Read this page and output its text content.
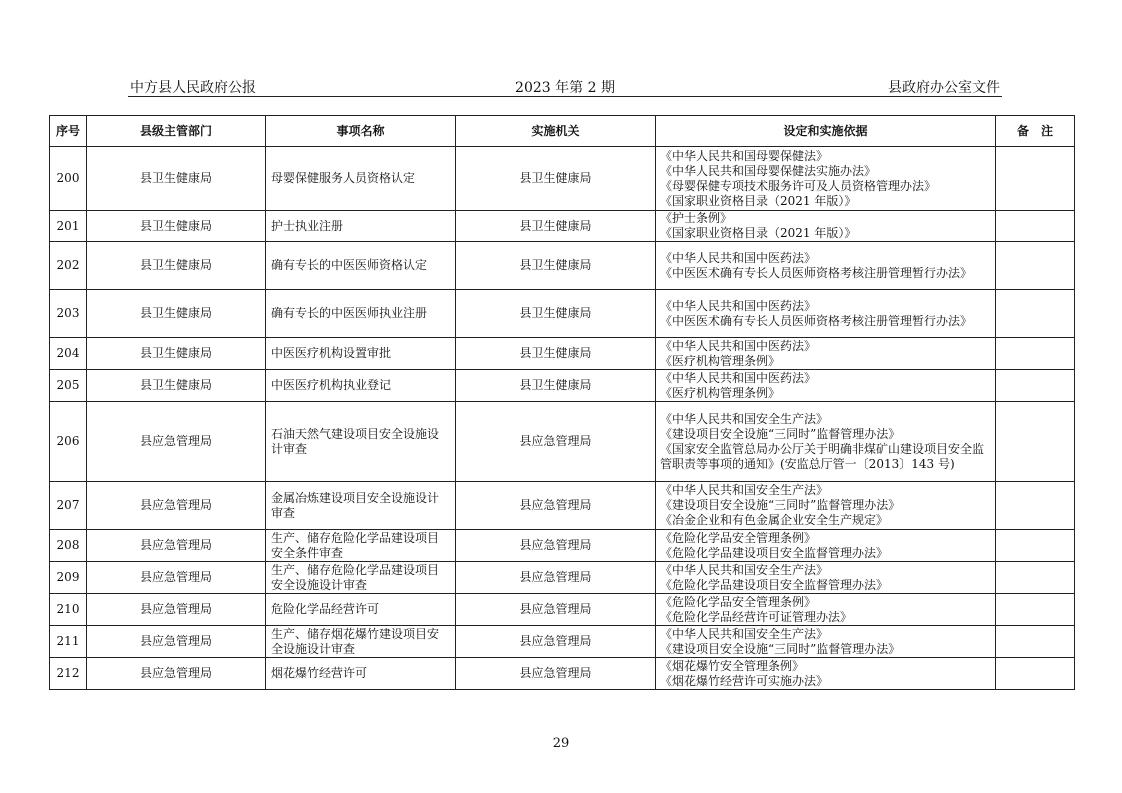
中方县人民政府公报	2023 年第 2 期	县政府办公室文件
序号	县级主管部门	事项名称	实施机关	设定和实施依据	备　注
200	县卫生健康局	母婴保健服务人员资格认定	县卫生健康局	《中华人民共和国母婴保健法》
《中华人民共和国母婴保健法实施办法》
《母婴保健专项技术服务许可及人员资格管理办法》
《国家职业资格目录（2021 年版）》	

201	县卫生健康局	护士执业注册	县卫生健康局	《护士条例》
《国家职业资格目录（2021 年版）》	

202	县卫生健康局	确有专长的中医医师资格认定	县卫生健康局	《中华人民共和国中医药法》
《中医医术确有专长人员医师资格考核注册管理暂行办法》	

203	县卫生健康局	确有专长的中医医师执业注册	县卫生健康局	《中华人民共和国中医药法》
《中医医术确有专长人员医师资格考核注册管理暂行办法》	

204	县卫生健康局	中医医疗机构设置审批	县卫生健康局	《中华人民共和国中医药法》
《医疗机构管理条例》	

205	县卫生健康局	中医医疗机构执业登记	县卫生健康局	《中华人民共和国中医药法》
《医疗机构管理条例》	

206	县应急管理局	石油天然气建设项目安全设施设计审查	县应急管理局	《中华人民共和国安全生产法》
《建设项目安全设施“三同时”监督管理办法》
《国家安全监管总局办公厅关于明确非煤矿山建设项目安全监管职责等事项的通知》(安监总厅管一〔2013〕143 号)	

207	县应急管理局	金属冶炼建设项目安全设施设计审查	县应急管理局	《中华人民共和国安全生产法》
《建设项目安全设施“三同时”监督管理办法》
《冶金企业和有色金属企业安全生产规定》	

208	县应急管理局	生产、储存危险化学品建设项目安全条件审查	县应急管理局	《危险化学品安全管理条例》
《危险化学品建设项目安全监督管理办法》	

209	县应急管理局	生产、储存危险化学品建设项目安全设施设计审查	县应急管理局	《中华人民共和国安全生产法》
《危险化学品建设项目安全监督管理办法》	

210	县应急管理局	危险化学品经营许可	县应急管理局	《危险化学品安全管理条例》
《危险化学品经营许可证管理办法》	

211	县应急管理局	生产、储存烟花爆竹建设项目安全设施设计审查	县应急管理局	《中华人民共和国安全生产法》
《建设项目安全设施“三同时”监督管理办法》	

212	县应急管理局	烟花爆竹经营许可	县应急管理局	《烟花爆竹安全管理条例》
《烟花爆竹经营许可实施办法》	

29
